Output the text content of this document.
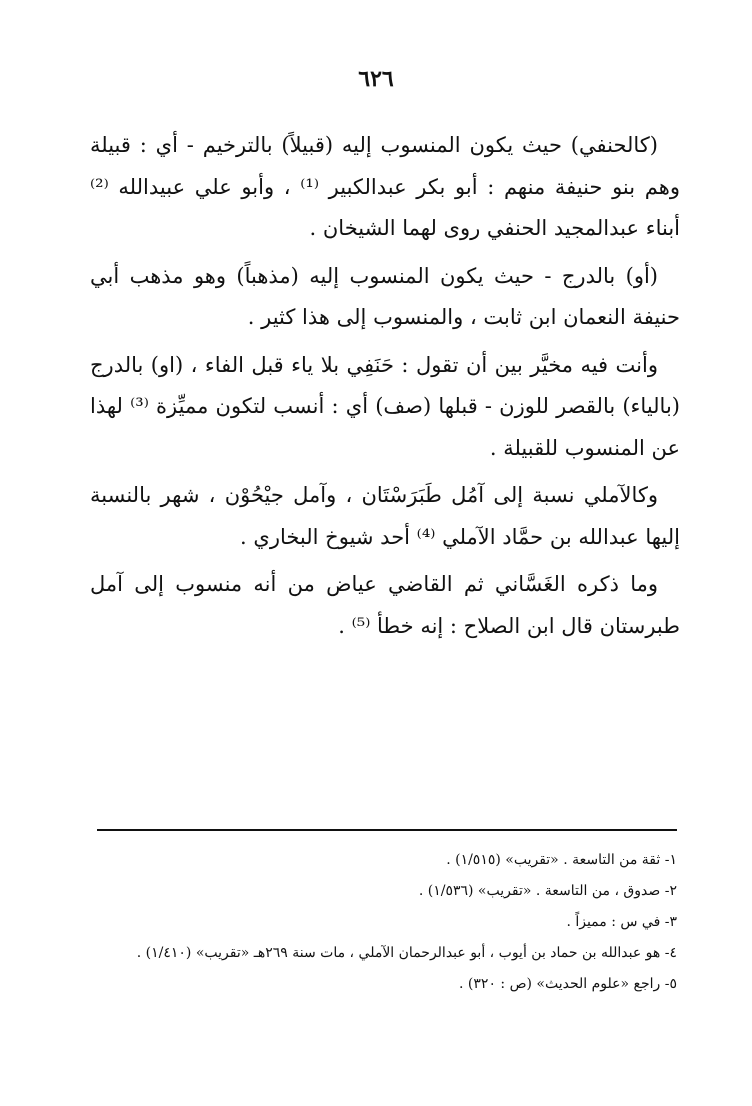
٦٢٦

(كالحنفي) حيث يكون المنسوب إليه (قبيلاً) بالترخيم - أي : قبيلة وهم بنو حنيفة منهم : أبو بكر عبدالكبير ⁽¹⁾ ، وأبو علي عبيدالله ⁽²⁾ أبناء عبدالمجيد الحنفي روى لهما الشيخان .

(أو) بالدرج - حيث يكون المنسوب إليه (مذهباً) وهو مذهب أبي حنيفة النعمان ابن ثابت ، والمنسوب إلى هذا كثير .

وأنت فيه مخيَّر بين أن تقول : حَنَفِي بلا ياء قبل الفاء ، (او) بالدرج (بالياء) بالقصر للوزن - قبلها (صف) أي : أنسب لتكون مميِّزة ⁽³⁾ لهذا عن المنسوب للقبيلة .

وكالآملي نسبة إلى آمُل طَبَرَسْتَان ، وآمل جيْحُوْن ، شهر بالنسبة إليها عبدالله بن حمَّاد الآملي ⁽⁴⁾ أحد شيوخ البخاري .

وما ذكره الغَسَّاني ثم القاضي عياض من أنه منسوب إلى آمل طبرستان قال ابن الصلاح : إنه خطأ ⁽⁵⁾ .

١- ثقة من التاسعة . «تقريب» (١/٥١٥) .
٢- صدوق ، من التاسعة . «تقريب» (١/٥٣٦) .
٣- في س : مميزاً .
٤- هو عبدالله بن حماد بن أيوب ، أبو عبدالرحمان الآملي ، مات سنة ٢٦٩هـ «تقريب» (١/٤١٠) .
٥- راجع «علوم الحديث» (ص : ٣٢٠) .
